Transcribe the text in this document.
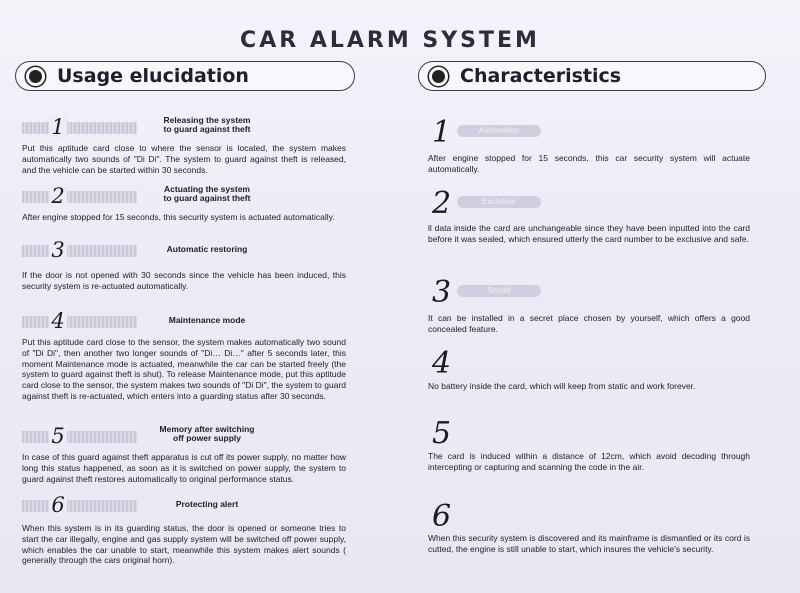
CAR ALARM SYSTEM
Usage elucidation	Characteristics
1	Releasing the system
to guard against theft
Put this aptitude card close to where the sensor is located, the system makes automatically two sounds of "Di Di". The system to guard against theft is released, and the vehicle can be started within 30 seconds.
2	Actuating the system
to guard against theft
After engine stopped for 15 seconds, this security system is actuated automatically.
3	Automatic restoring
If the door is not opened with 30 seconds since the vehicle has been induced, this security system is re-actuated automatically.
4	Maintenance mode
Put this aptitude card close to the sensor, the system makes automatically two sound of "Di Di", then another two longer sounds of "Di… Di…" after 5 seconds later, this moment Maintenance mode is actuated, meanwhile the car can be started freely (the system to guard against theft is shut). To release Maintenance mode, put this aptitude card close to the sensor, the system makes two sounds of "Di Di", the system to guard against theft is re-actuated, which enters into a guarding status after 30 seconds.
5	Memory after switching
off power supply
In case of this guard against theft apparatus is cut off its power supply, no matter how long this status happened, as soon as it is switched on power supply, the system to guard against theft restores automatically to original performance status.
6	Protecting alert
When this system is in its guarding status, the door is opened or someone tries to start the car illegally, engine and gas supply system will be switched off power supply, which enables the car unable to start, meanwhile this system makes alert sounds ( generally through the cars original horn).
1	Automation
After engine stopped for 15 seconds, this car security system will actuate automatically.
2	Exclusive
ll data inside the card are unchangeable since they have been inputted into the card before it was sealed, which ensured utterly the card number to be exclusive and safe.
3	Secret
It can be installed in a secret place chosen by yourself, which offers a good concealed feature.
4
No battery inside the card, which will keep from static and work forever.
5
The card is induced within a distance of 12cm, which avoid decoding through intercepting or capturing and scanning the code in the air.
6
When this security system is discovered and its mainframe is dismantled or its cord is cutted, the engine is still unable to start, which insures the vehicle's security.
